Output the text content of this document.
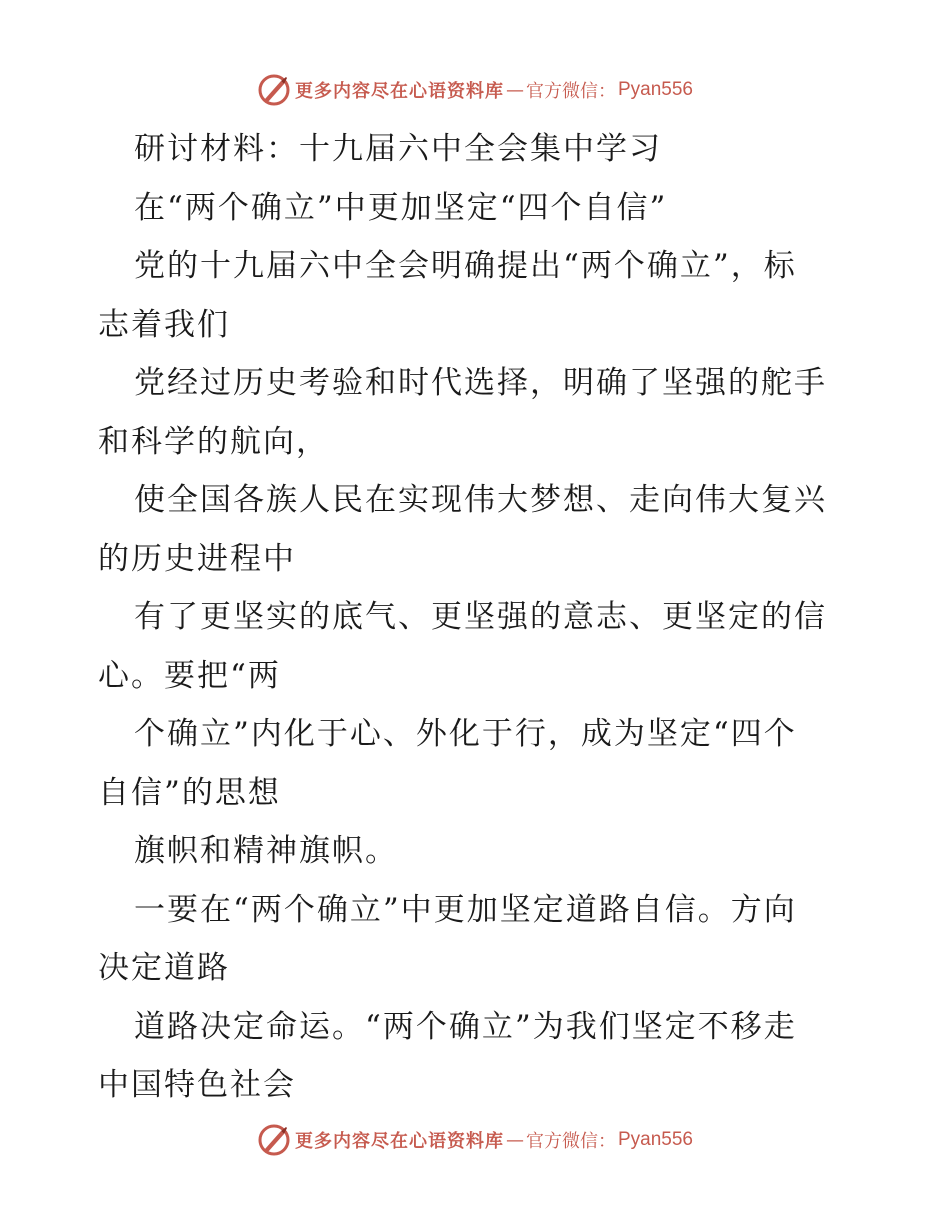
更多内容尽在心语资料库 — 官方微信： Pyan556
研讨材料：十九届六中全会集中学习
在“两个确立”中更加坚定“四个自信”
党的十九届六中全会明确提出“两个确立”，标
志着我们
党经过历史考验和时代选择，明确了坚强的舵手
和科学的航向，
使全国各族人民在实现伟大梦想、走向伟大复兴
的历史进程中
有了更坚实的底气、更坚强的意志、更坚定的信
心。要把“两
个确立”内化于心、外化于行，成为坚定“四个
自信”的思想
旗帜和精神旗帜。
一要在“两个确立”中更加坚定道路自信。方向
决定道路
道路决定命运。“两个确立”为我们坚定不移走
中国特色社会
更多内容尽在心语资料库 — 官方微信： Pyan556
